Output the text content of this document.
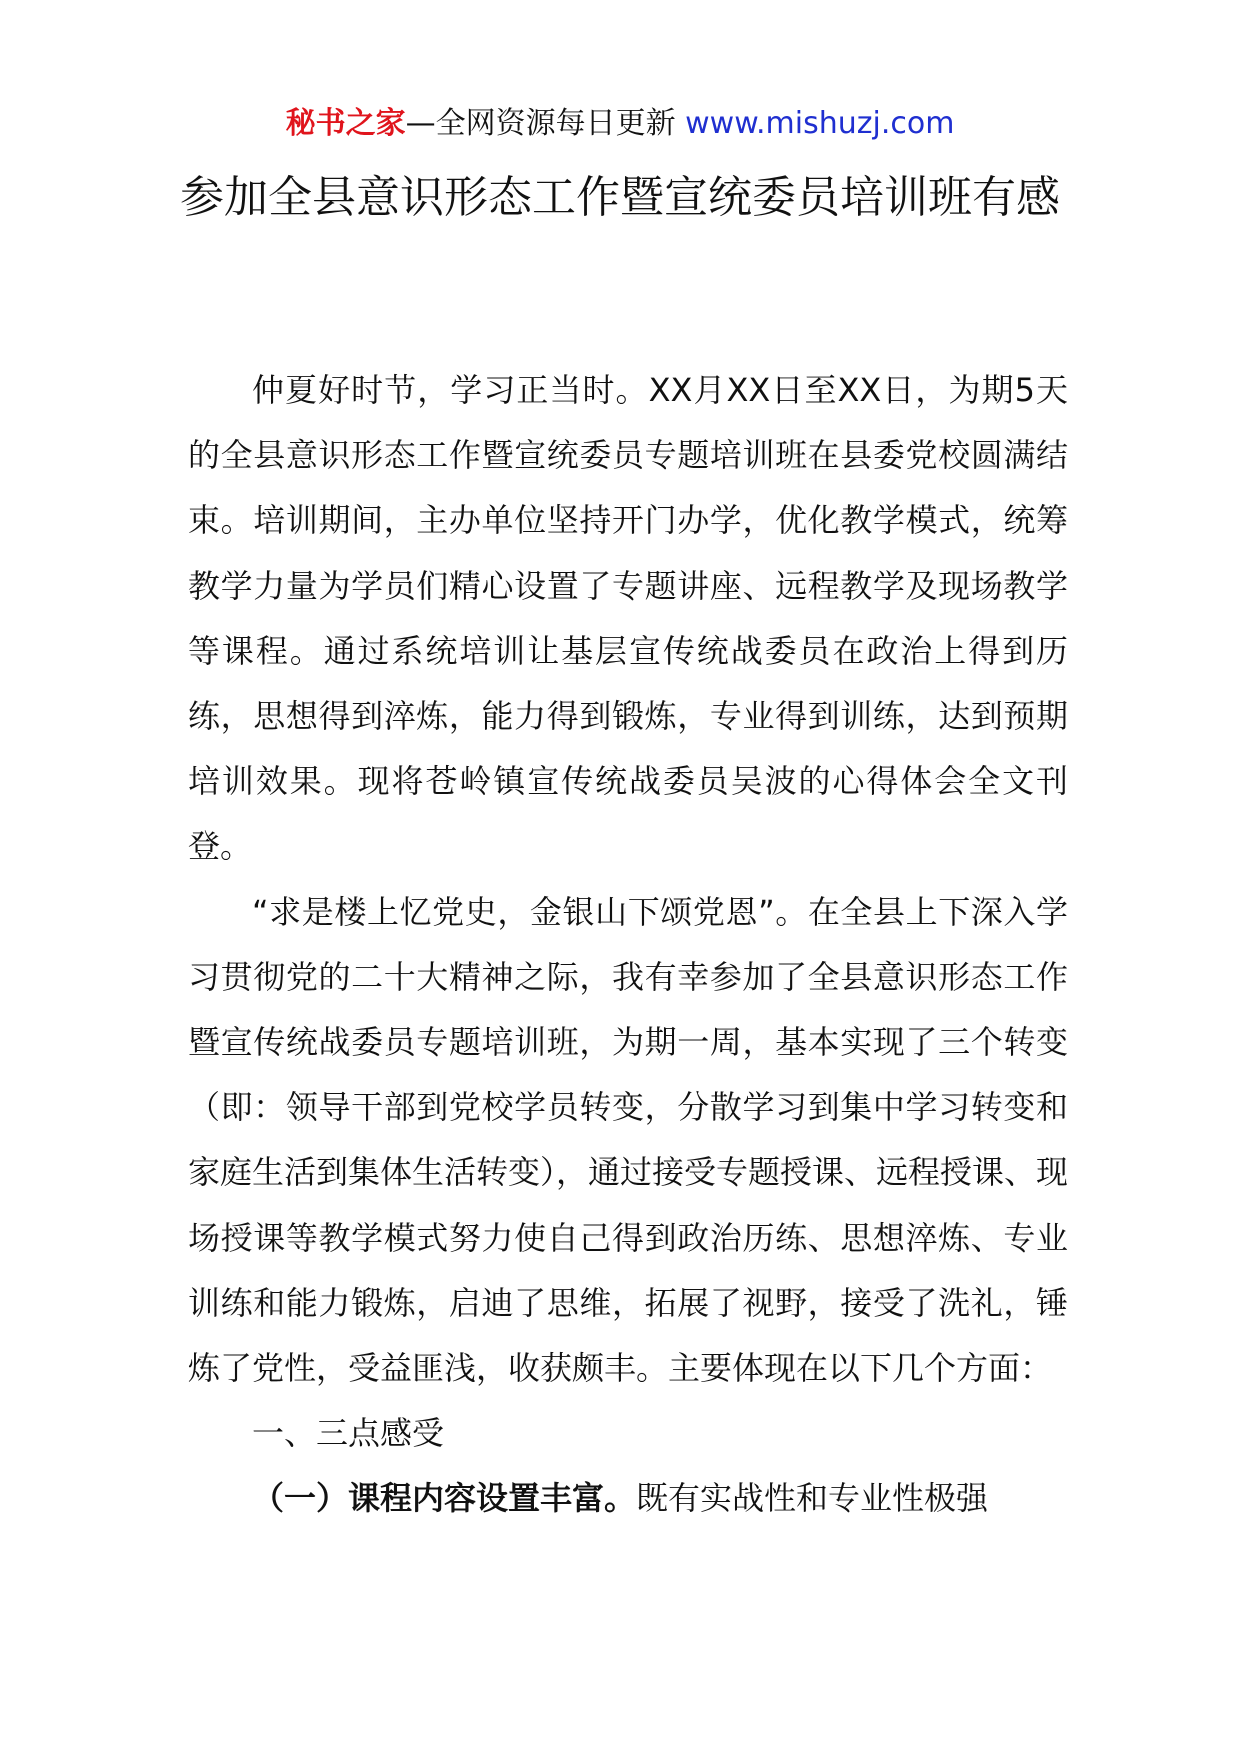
秘书之家—全网资源每日更新 www.mishuzj.com
参加全县意识形态工作暨宣统委员培训班有感

仲夏好时节，学习正当时。XX月XX日至XX日，为期5天的全县意识形态工作暨宣统委员专题培训班在县委党校圆满结束。培训期间，主办单位坚持开门办学，优化教学模式，统筹教学力量为学员们精心设置了专题讲座、远程教学及现场教学等课程。通过系统培训让基层宣传统战委员在政治上得到历练，思想得到淬炼，能力得到锻炼，专业得到训练，达到预期培训效果。现将苍岭镇宣传统战委员吴波的心得体会全文刊登。

“求是楼上忆党史，金银山下颂党恩”。在全县上下深入学习贯彻党的二十大精神之际，我有幸参加了全县意识形态工作暨宣传统战委员专题培训班，为期一周，基本实现了三个转变（即：领导干部到党校学员转变，分散学习到集中学习转变和家庭生活到集体生活转变），通过接受专题授课、远程授课、现场授课等教学模式努力使自己得到政治历练、思想淬炼、专业训练和能力锻炼，启迪了思维，拓展了视野，接受了洗礼，锤炼了党性，受益匪浅，收获颇丰。主要体现在以下几个方面：

一、三点感受

（一）课程内容设置丰富。既有实战性和专业性极强
